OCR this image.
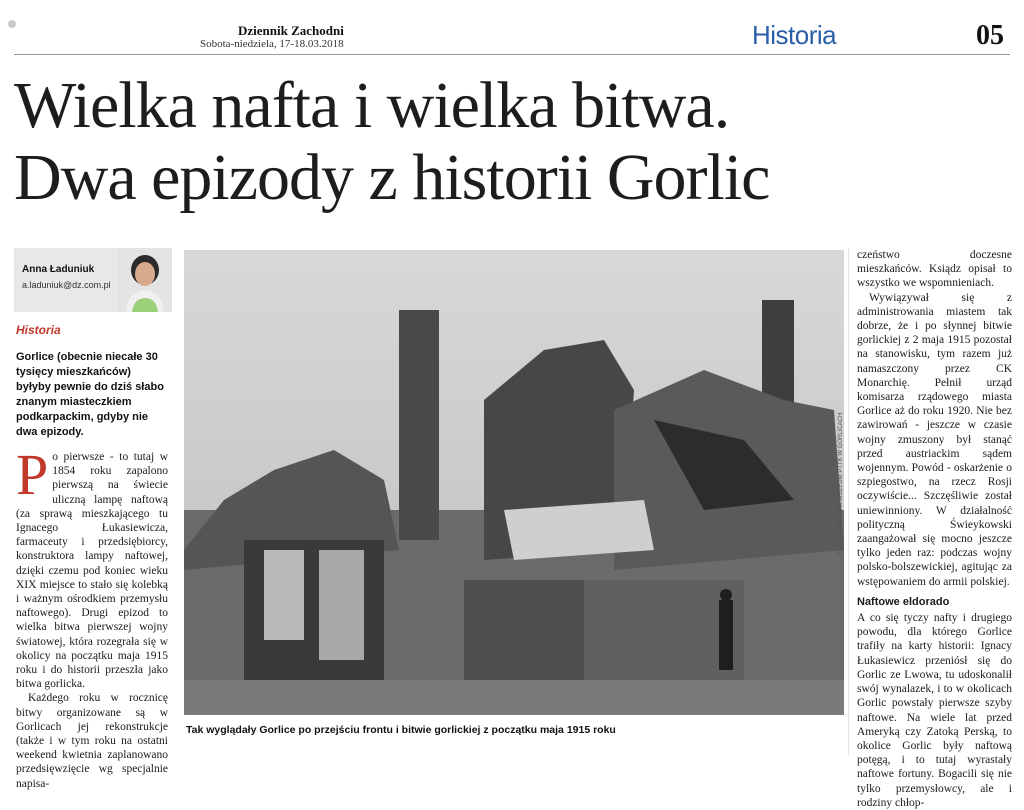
Dziennik Zachodni
Sobota-niedziela, 17-18.03.2018	Historia	05
Wielka nafta i wielka bitwa.
Dwa epizody z historii Gorlic
Anna Ładuniuk
a.laduniuk@dz.com.pl
Historia
Gorlice (obecnie niecałe 30 tysięcy mieszkańców) byłyby pewnie do dziś słabo znanym miasteczkiem podkarpackim, gdyby nie dwa epizody.

Po pierwsze - to tutaj w 1854 roku zapalono pierwszą na świecie uliczną lampę naftową (za sprawą mieszkającego tu Ignacego Łukasiewicza, farmaceuty i przedsiębiorcy, konstruktora lampy naftowej, dzięki czemu pod koniec wieku XIX miejsce to stało się kolebką i ważnym ośrodkiem przemysłu naftowego). Drugi epizod to wielka bitwa pierwszej wojny światowej, która rozegrała się w okolicy na początku maja 1915 roku i do historii przeszła jako bitwa gorlicka.

Każdego roku w rocznicę bitwy organizowane są w Gorlicach jej rekonstrukcje (także i w tym roku na ostatni weekend kwietnia zaplanowano przedsięwzięcie wg specjalnie napisa-

FOT. ZE ZBIORÓW MUZEUM PTTK W GORLICACH
Tak wyglądały Gorlice po przejściu frontu i bitwie gorlickiej z początku maja 1915 roku

czeństwo doczesne mieszkańców. Ksiądz opisał to wszystko we wspomnieniach.

Wywiązywał się z administrowania miastem tak dobrze, że i po słynnej bitwie gorlickiej z 2 maja 1915 pozostał na stanowisku, tym razem już namaszczony przez CK Monarchię. Pełnił urząd komisarza rządowego miasta Gorlice aż do roku 1920. Nie bez zawirowań - jeszcze w czasie wojny zmuszony był stanąć przed austriackim sądem wojennym. Powód - oskarżenie o szpiegostwo, na rzecz Rosji oczywiście... Szczęśliwie został uniewinniony. W działalność polityczną Świeykowski zaangażował się mocno jeszcze tylko jeden raz: podczas wojny polsko-bolszewickiej, agitując za wstępowaniem do armii polskiej.

Naftowe eldorado

A co się tyczy nafty i drugiego powodu, dla którego Gorlice trafiły na karty historii: Ignacy Łukasiewicz przeniósł się do Gorlic ze Lwowa, tu udoskonalił swój wynalazek, i to w okolicach Gorlic powstały pierwsze szyby naftowe. Na wiele lat przed Ameryką czy Zatoką Perską, to okolice Gorlic były naftową potęgą, i to tutaj wyrastały naftowe fortuny. Bogacili się nie tylko przemysłowcy, ale i rodziny chłop-
